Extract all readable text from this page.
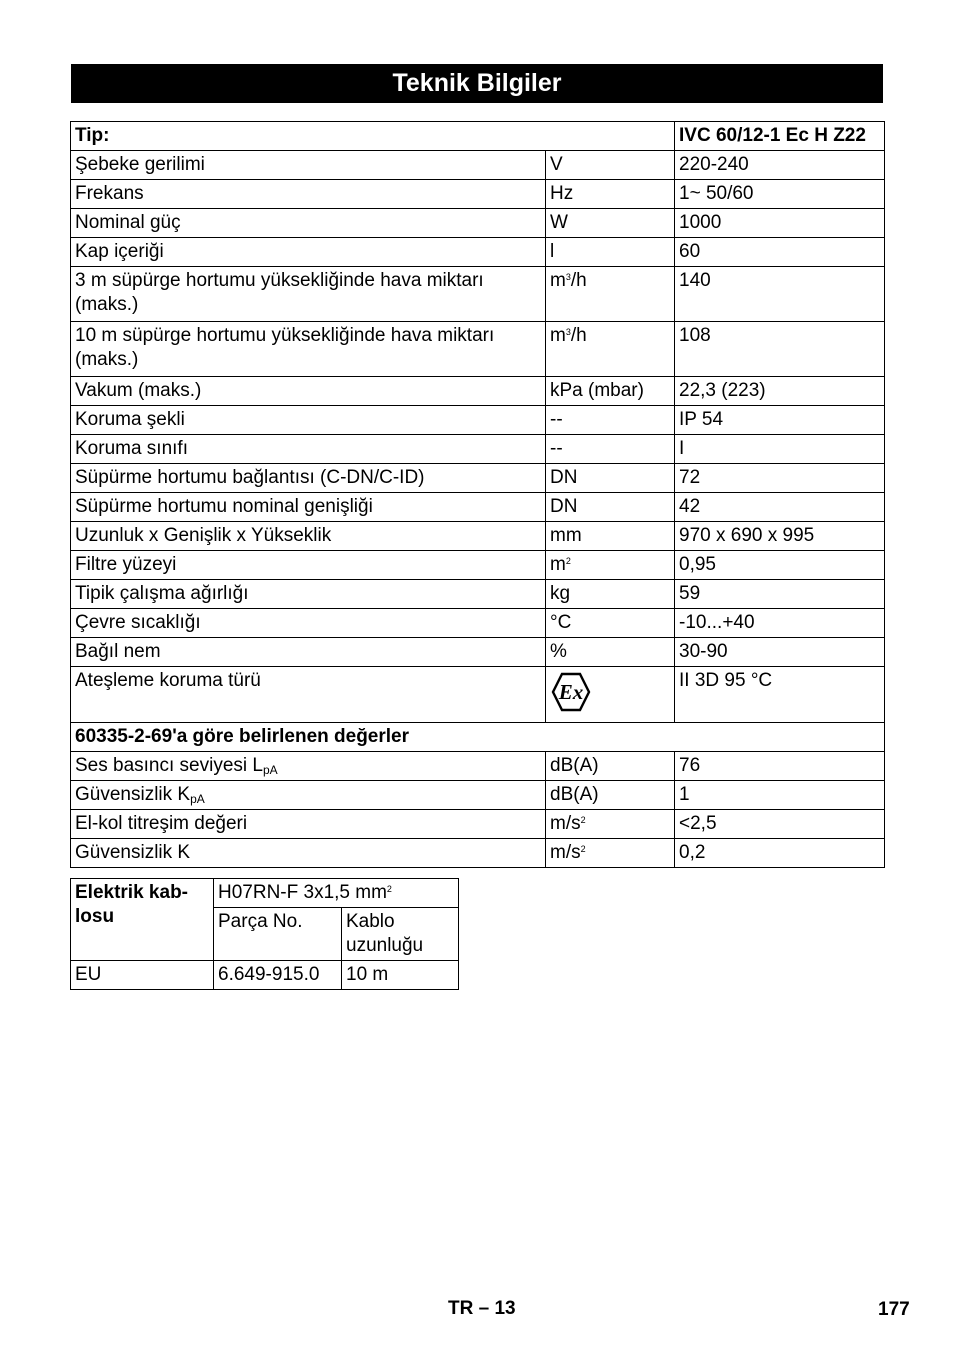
Teknik Bilgiler
Tip:		IVC 60/12-1 Ec H Z22
Şebeke gerilimi	V	220-240
Frekans	Hz	1~ 50/60
Nominal güç	W	1000
Kap içeriği	l	60
3 m süpürge hortumu yüksekliğinde hava miktarı (maks.)	$m^3/h$	140
10 m süpürge hortumu yüksekliğinde hava miktarı (maks.)	$m^3/h$	108
Vakum (maks.)	kPa (mbar)	22,3 (223)
Koruma şekli	--	IP 54
Koruma sınıfı	--	I
Süpürme hortumu bağlantısı (C-DN/C-ID)	DN	72
Süpürme hortumu nominal genişliği	DN	42
Uzunluk x Genişlik x Yükseklik	mm	970 x 690 x 995
Filtre yüzeyi	$m^2$	0,95
Tipik çalışma ağırlığı	kg	59
Çevre sıcaklığı	°C	-10...+40
Bağıl nem	%	30-90
Ateşleme koruma türü	Ex	II 3D 95 °C
60335-2-69'a göre belirlenen değerler		
Ses basıncı seviyesi $L_{pA}$	dB(A)	76
Güvensizlik $K_{pA}$	dB(A)	1
El-kol titreşim değeri	$m/s^2$	<2,5
Güvensizlik K	$m/s^2$	0,2
Elektrik kab-losu	H07RN-F 3x1,5 $mm^2$
	Parça No.	Kablo uzunluğu
EU	6.649-915.0	10 m
TR – 13	177
